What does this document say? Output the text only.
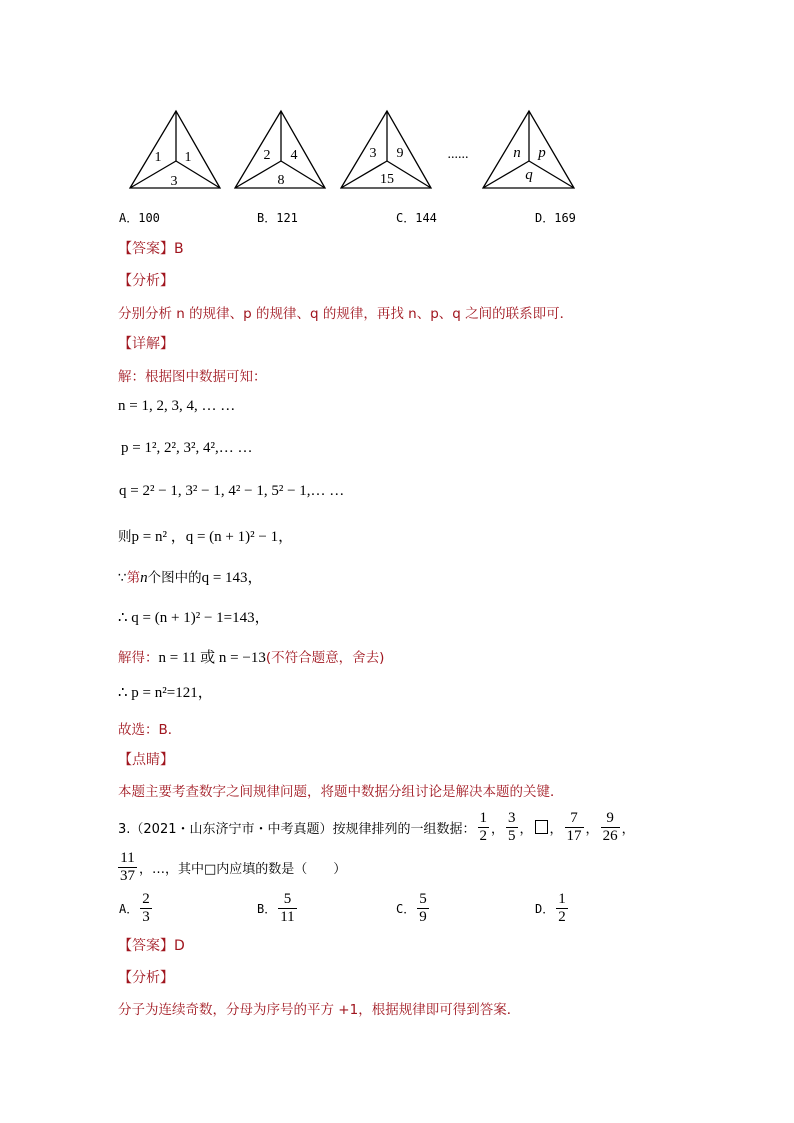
1 1
3
2 4
8
3 9
15
......	n p
q
A．100	B．121	C．144	D．169
【答案】B
【分析】
分别分析 n 的规律、p 的规律、q 的规律，再找 n、p、q 之间的联系即可．
【详解】
解：根据图中数据可知：
n = 1, 2, 3, 4, … …
p = 1², 2², 3², 4²,… …
q = 2² − 1, 3² − 1, 4² − 1, 5² − 1,… …
则p = n² ，q = (n + 1)² − 1，
∵第n个图中的q = 143，
∴ q = (n + 1)² − 1=143，
解得：n = 11 或 n = −13(不符合题意，舍去)
∴ p = n²=121，
故选：B．
【点睛】
本题主要考查数字之间规律问题，将题中数据分组讨论是解决本题的关键．
3.（2021・山东济宁市・中考真题）按规律排列的一组数据： $\frac{1}{2}$ ， $\frac{3}{5}$ ， ， $\frac{7}{17}$ ， $\frac{9}{26}$ ，
$\frac{11}{37}$ ，…，其中□内应填的数是（　　）
A． $\frac{2}{3}$	B． $\frac{5}{11}$	C． $\frac{5}{9}$	D． $\frac{1}{2}$
【答案】D
【分析】
分子为连续奇数，分母为序号的平方 +1，根据规律即可得到答案．
